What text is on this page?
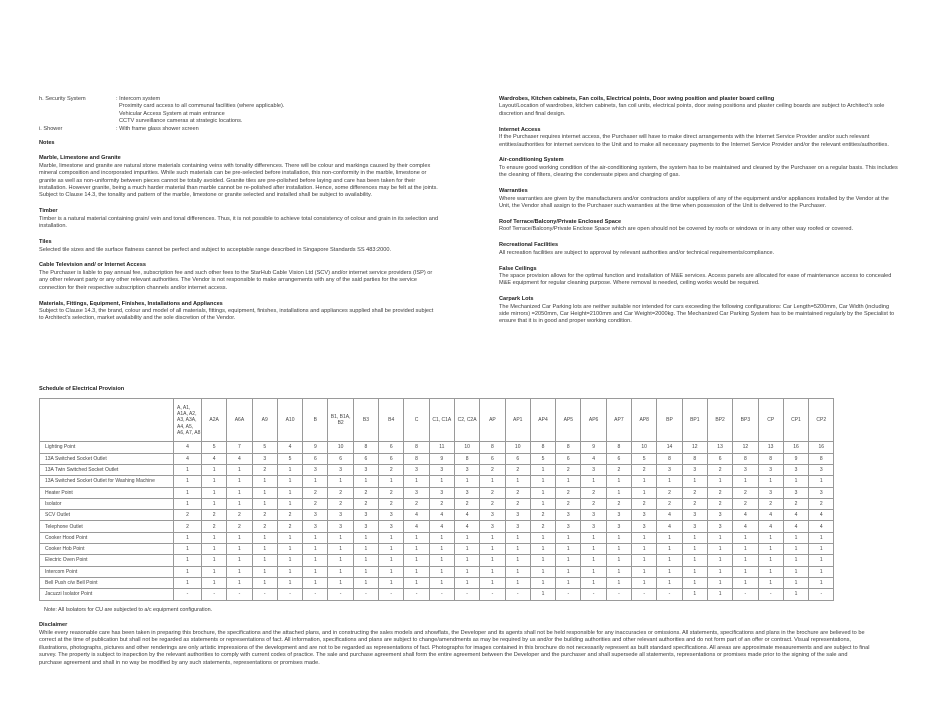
h. Security System	: Intercom system
Proximity card access to all communal facilities (where applicable).
Vehicular Access System at main entrance
CCTV surveillance cameras at strategic locations.
i. Shower	: With frame glass shower screen
Notes
Marble, Limestone and Granite

Marble, limestone and granite are natural stone materials containing veins with tonality differences. There will be colour and markings caused by their complex mineral composition and incorporated impurities. While such materials can be pre-selected before installation, this non-conformity in the marble, limestone or granite as well as non-uniformity between pieces cannot be totally avoided. Granite tiles are pre-polished before laying and care has been taken for their installation. However granite, being a much harder material than marble cannot be re-polished after installation. Hence, some differences may be felt at the joints. Subject to Clause 14.3, the tonality and pattern of the marble, limestone or granite selected and installed shall be subject to availability.

Timber

Timber is a natural material containing grain/ vein and tonal differences. Thus, it is not possible to achieve total consistency of colour and grain in its selection and installation.

Tiles

Selected tile sizes and tile surface flatness cannot be perfect and subject to acceptable range described in Singapore Standards SS 483:2000.

Cable Television and/ or Internet Access

The Purchaser is liable to pay annual fee, subscription fee and such other fees to the StarHub Cable Vision Ltd (SCV) and/or internet service providers (ISP) or any other relevant party or any other relevant authorities. The Vendor is not responsible to make arrangements with any of the said parties for the service connection for their respective subscription channels and/or internet access.

Materials, Fittings, Equipment, Finishes, Installations and Appliances

Subject to Clause 14.3, the brand, colour and model of all materials, fittings, equipment, finishes, installations and appliances supplied shall be provided subject to Architect's selection, market availability and the sole discretion of the Vendor.

Wardrobes, Kitchen cabinets, Fan coils, Electrical points, Door swing position and plaster board ceiling

Layout/Location of wardrobes, kitchen cabinets, fan coil units, electrical points, door swing positions and plaster ceiling boards are subject to Architect's sole discretion and final design.

Internet Access

If the Purchaser requires internet access, the Purchaser will have to make direct arrangements with the Internet Service Provider and/or such relevant entities/authorities for internet services to the Unit and to make all necessary payments to the Internet Service Provider and/or the relevant entities/authorities.

Air-conditioning System

To ensure good working condition of the air-conditioning system, the system has to be maintained and cleaned by the Purchaser on a regular basis. This includes the cleaning of filters, clearing the condensate pipes and charging of gas.

Warranties

Where warranties are given by the manufacturers and/or contractors and/or suppliers of any of the equipment and/or appliances installed by the Vendor at the Unit, the Vendor shall assign to the Purchaser such warranties at the time when possession of the Unit is delivered to the Purchaser.

Roof Terrace/Balcony/Private Enclosed Space

Roof Terrace/Balcony/Private Enclose Space which are open should not be covered by roofs or windows or in any other way roofed or covered.

Recreational Facilities

All recreation facilities are subject to approval by relevant authorities and/or technical requirements/compliance.

False Ceilings

The space provision allows for the optimal function and installation of M&E services. Access panels are allocated for ease of maintenance access to concealed M&E equipment for regular cleaning purpose. Where removal is needed, ceiling works would be required.

Carpark Lots

The Mechanized Car Parking lots are neither suitable nor intended for cars exceeding the following configurations: Car Length=5200mm, Car Width (including side mirrors) =2050mm, Car Height=2100mm and Car Weight=2000kg. The Mechanized Car Parking System has to be maintained regularly by the Specialist to ensure that it is in good and proper working condition.

Schedule of Electrical Provision
	A, A1, A1A, A2, A3, A3A, A4, A5, A6, A7, A8	A2A	A6A	A9	A10	B	B1, B1A, B2	B3	B4	C	C1, C1A	C2, C2A	AP	AP1	AP4	AP5	AP6	AP7	AP8	BP	BP1	BP2	BP3	CP	CP1	CP2
Lighting Point	4	5	7	5	4	9	10	8	6	8	11	10	8	10	8	8	9	8	10	14	12	13	12	13	16	16
13A Switched Socket Outlet	4	4	4	3	5	6	6	6	6	8	9	8	6	6	5	6	4	6	5	8	8	6	8	8	9	8
13A Twin Switched Socket Outlet	1	1	1	2	1	3	3	3	2	3	3	3	2	2	1	2	3	2	2	3	3	2	3	3	3	3
13A Switched Socket Outlet for Washing Machine	1	1	1	1	1	1	1	1	1	1	1	1	1	1	1	1	1	1	1	1	1	1	1	1	1	1
Heater Point	1	1	1	1	1	2	2	2	2	3	3	3	2	2	1	2	2	1	1	2	2	2	2	3	3	3
Isolator	1	1	1	1	1	2	2	2	2	2	2	2	2	2	1	2	2	2	2	2	2	2	2	2	2	2
SCV Outlet	2	2	2	2	2	3	3	3	3	4	4	4	3	3	2	3	3	3	3	4	3	3	4	4	4	4
Telephone Outlet	2	2	2	2	2	3	3	3	3	4	4	4	3	3	2	3	3	3	3	4	3	3	4	4	4	4
Cooker Hood Point	1	1	1	1	1	1	1	1	1	1	1	1	1	1	1	1	1	1	1	1	1	1	1	1	1	1
Cooker Hob Point	1	1	1	1	1	1	1	1	1	1	1	1	1	1	1	1	1	1	1	1	1	1	1	1	1	1
Electric Oven Point	1	1	1	1	1	1	1	1	1	1	1	1	1	1	1	1	1	1	1	1	1	1	1	1	1	1
Intercom Point	1	1	1	1	1	1	1	1	1	1	1	1	1	1	1	1	1	1	1	1	1	1	1	1	1	1
Bell Push c/w Bell Point	1	1	1	1	1	1	1	1	1	1	1	1	1	1	1	1	1	1	1	1	1	1	1	1	1	1
Jacuzzi Isolator Point	-	-	-	-	-	-	-	-	-	-	-	-	-	-	1	-	-	-	-	-	1	1	-	-	1	-
Note: All Isolators for CU are subjected to a/c equipment configuration.
Disclaimer

While every reasonable care has been taken in preparing this brochure, the specifications and the attached plans, and in constructing the sales models and showflats, the Developer and its agents shall not be held responsible for any inaccuracies or omissions. All statements, specifications and plans in the brochure are believed to be correct at the time of publication but shall not be regarded as statements or representations of fact. All information, specifications and plans are subject to change/amendments as may be required by us and/or the building authorities and other relevant authorities and do not form part of an offer or contract. Visual representations, illustrations, photographs, pictures and other renderings are only artistic impressions of the development and are not to be regarded as representations of fact. Photographs for images contained in this brochure do not necessarily represent as built standard specifications. All areas are approximate measurements and are subject to final survey. The property is subject to inspection by the relevant authorities to comply with current codes of practice. The sale and purchase agreement shall form the entire agreement between the Developer and the purchaser and shall supersede all statements, representations or promises made prior to the signing of the sale and purchase agreement and shall in no way be modified by any such statements, representations or promises made.
